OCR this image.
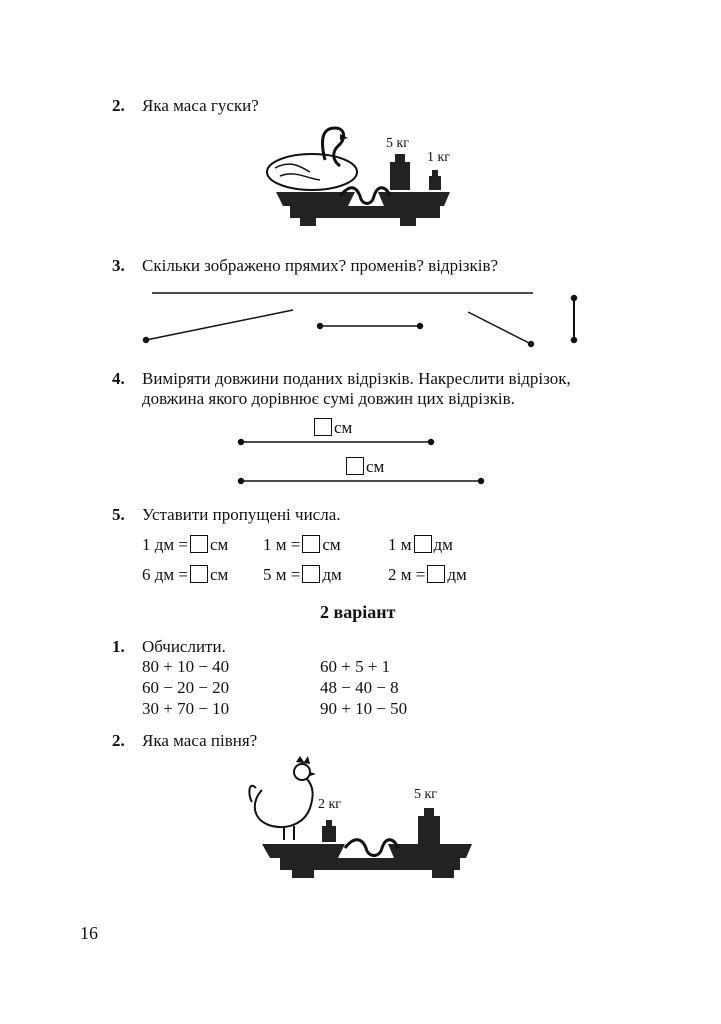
2. Яка маса гуски?
5 кг
1 кг
3. Скільки зображено прямих? променів? відрізків?
4. Виміряти довжини поданих відрізків. Накреслити відрізок,
довжина якого дорівнює сумі довжин цих відрізків.
см
см
5. Уставити пропущені числа.
1 дм = см 1 м = см	1 м дм
6 дм = см 5 м = дм	2 м = дм
2 варіант
1. Обчислити.
80 + 10 − 40
60 − 20 − 20
30 + 70 − 10
60 + 5 + 1
48 − 40 − 8
90 + 10 − 50
2. Яка маса півня?
2 кг
5 кг
16
